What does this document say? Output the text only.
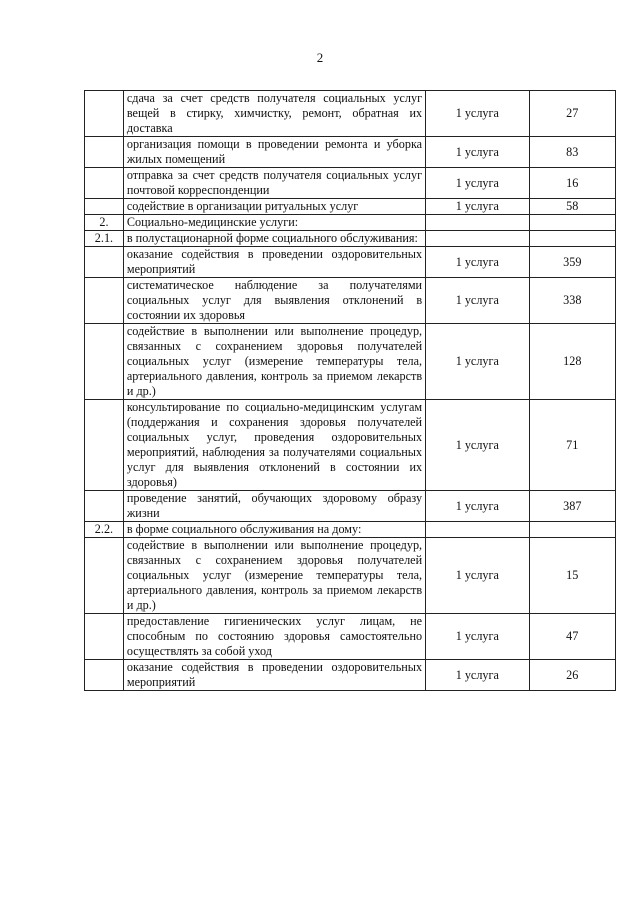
2
	сдача за счет средств получателя социальных услуг вещей в стирку, химчистку, ремонт, обратная их доставка	1 услуга	27
	организация помощи в проведении ремонта и уборка жилых помещений	1 услуга	83
	отправка за счет средств получателя социальных услуг почтовой корреспонденции	1 услуга	16
	содействие в организации ритуальных услуг	1 услуга	58
2.	Социально-медицинские услуги:		
2.1.	в полустационарной форме социального обслуживания:		
	оказание содействия в проведении оздоровительных мероприятий	1 услуга	359
	систематическое наблюдение за получателями социальных услуг для выявления отклонений в состоянии их здоровья	1 услуга	338
	содействие в выполнении или выполнение процедур, связанных с сохранением здоровья получателей социальных услуг (измерение температуры тела, артериального давления, контроль за приемом лекарств и др.)	1 услуга	128
	консультирование по социально-медицинским услугам (поддержания и сохранения здоровья получателей социальных услуг, проведения оздоровительных мероприятий, наблюдения за получателями социальных услуг для выявления отклонений в состоянии их здоровья)	1 услуга	71
	проведение занятий, обучающих здоровому образу жизни	1 услуга	387
2.2.	в форме социального обслуживания на дому:		
	содействие в выполнении или выполнение процедур, связанных с сохранением здоровья получателей социальных услуг (измерение температуры тела, артериального давления, контроль за приемом лекарств и др.)	1 услуга	15
	предоставление гигиенических услуг лицам, не способным по состоянию здоровья самостоятельно осуществлять за собой уход	1 услуга	47
	оказание содействия в проведении оздоровительных мероприятий	1 услуга	26
